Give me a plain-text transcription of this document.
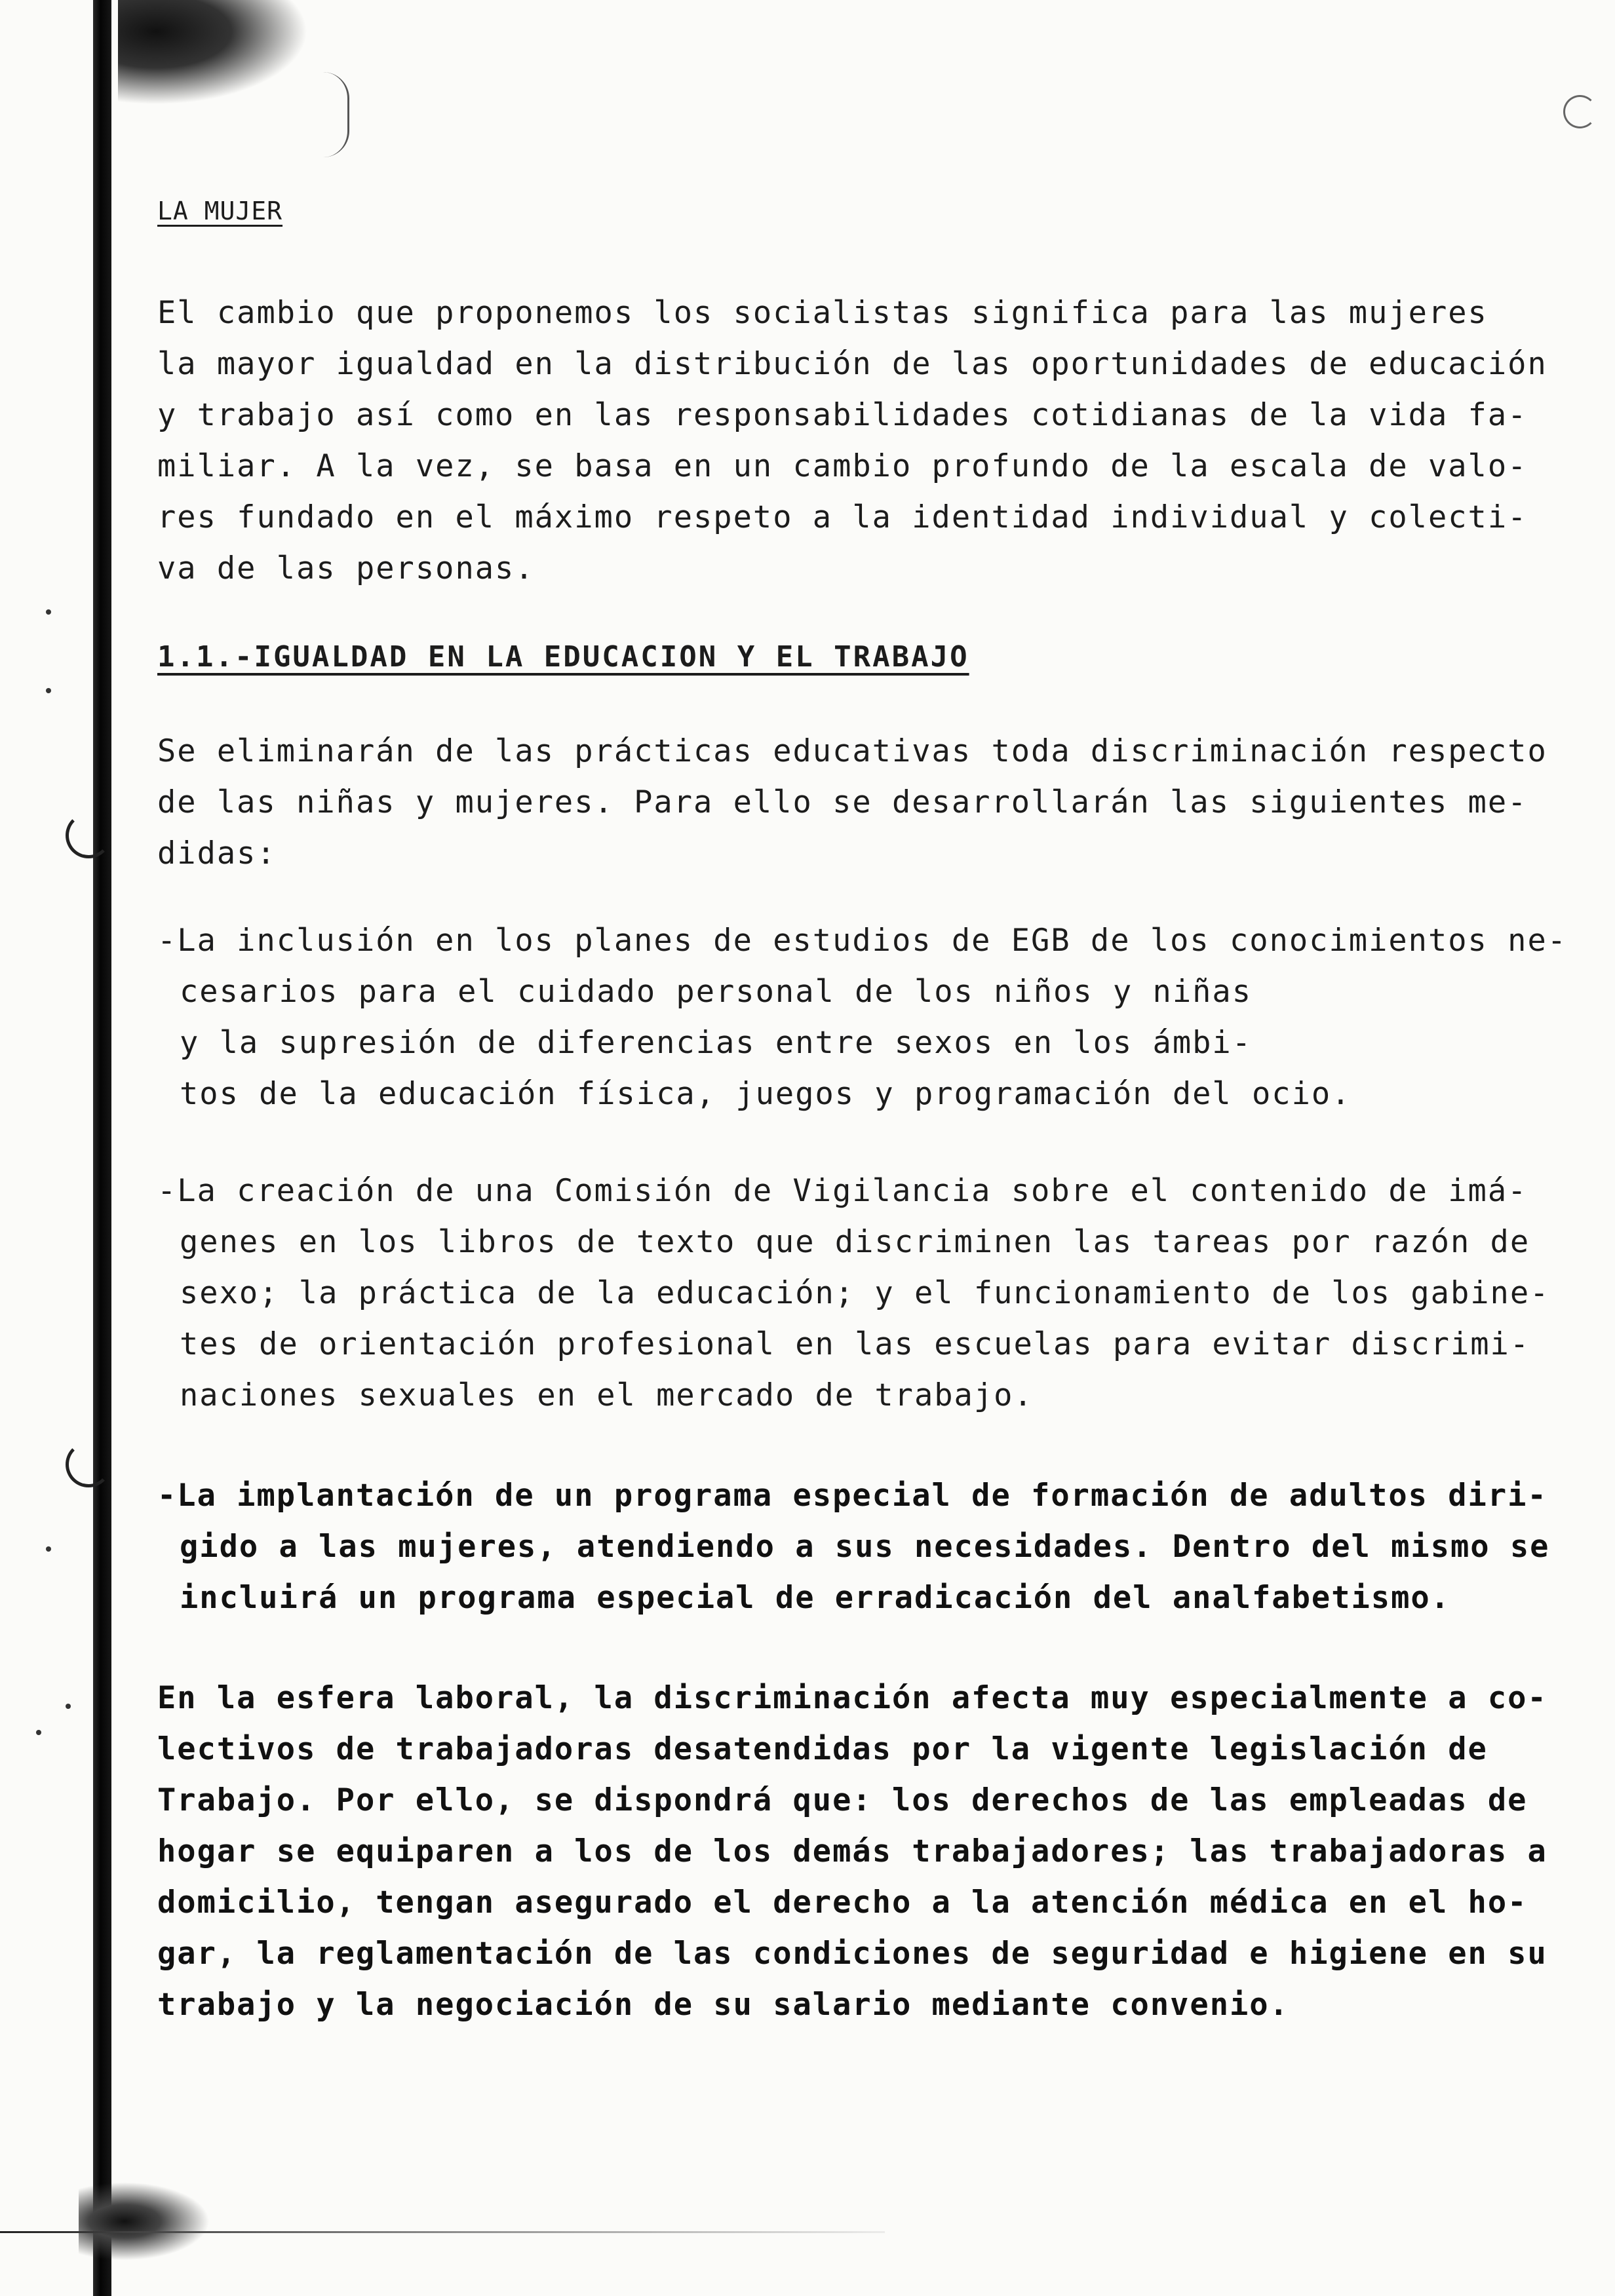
LA MUJER

El cambio que proponemos los socialistas significa para las mujeres
la mayor igualdad en la distribución de las oportunidades de educación
y trabajo así como en las responsabilidades cotidianas de la vida fa-
miliar. A la vez, se basa en un cambio profundo de la escala de valo-
res fundado en el máximo respeto a la identidad individual y colecti-
va de las personas.

1.1.-IGUALDAD EN LA EDUCACION Y EL TRABAJO

Se eliminarán de las prácticas educativas toda discriminación respecto
de las niñas y mujeres. Para ello se desarrollarán las siguientes me-
didas:

-La inclusión en los planes de estudios de EGB de los conocimientos ne-
cesarios para el cuidado personal de los niños y niñas
y la supresión de diferencias entre sexos en los ámbi-
tos de la educación física, juegos y programación del ocio.

-La creación de una Comisión de Vigilancia sobre el contenido de imá-
genes en los libros de texto que discriminen las tareas por razón de
sexo; la práctica de la educación; y el funcionamiento de los gabine-
tes de orientación profesional en las escuelas para evitar discrimi-
naciones sexuales en el mercado de trabajo.

-La implantación de un programa especial de formación de adultos diri-
gido a las mujeres, atendiendo a sus necesidades. Dentro del mismo se
incluirá un programa especial de erradicación del analfabetismo.

En la esfera laboral, la discriminación afecta muy especialmente a co-
lectivos de trabajadoras desatendidas por la vigente legislación de
Trabajo. Por ello, se dispondrá que: los derechos de las empleadas de
hogar se equiparen a los de los demás trabajadores; las trabajadoras a
domicilio, tengan asegurado el derecho a la atención médica en el ho-
gar, la reglamentación de las condiciones de seguridad e higiene en su
trabajo y la negociación de su salario mediante convenio.
